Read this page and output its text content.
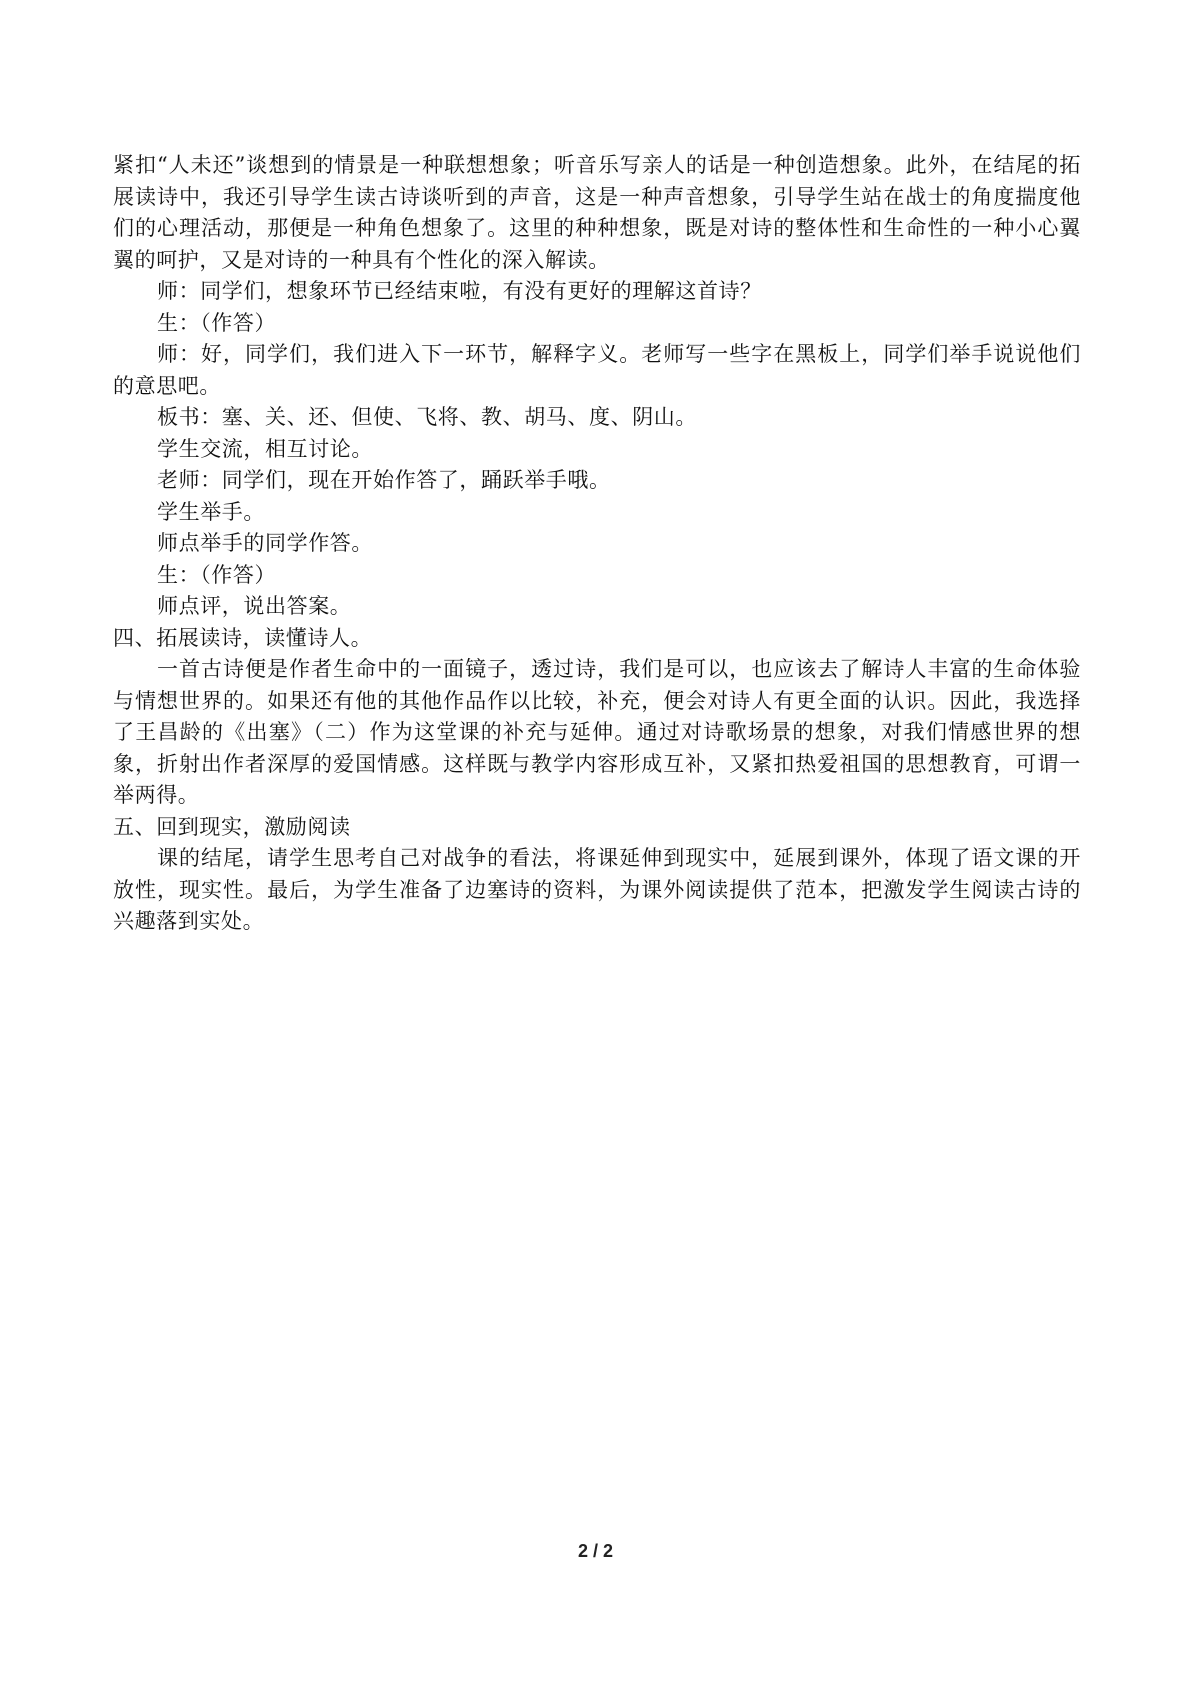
紧扣“人未还”谈想到的情景是一种联想想象；听音乐写亲人的话是一种创造想象。此外，在结尾的拓展读诗中，我还引导学生读古诗谈听到的声音，这是一种声音想象，引导学生站在战士的角度揣度他们的心理活动，那便是一种角色想象了。这里的种种想象，既是对诗的整体性和生命性的一种小心翼翼的呵护，又是对诗的一种具有个性化的深入解读。

师：同学们，想象环节已经结束啦，有没有更好的理解这首诗？

生：（作答）

师：好，同学们，我们进入下一环节，解释字义。老师写一些字在黑板上，同学们举手说说他们的意思吧。

板书：塞、关、还、但使、飞将、教、胡马、度、阴山。

学生交流，相互讨论。

老师：同学们，现在开始作答了，踊跃举手哦。

学生举手。

师点举手的同学作答。

生：（作答）

师点评，说出答案。

四、拓展读诗，读懂诗人。

一首古诗便是作者生命中的一面镜子，透过诗，我们是可以，也应该去了解诗人丰富的生命体验与情想世界的。如果还有他的其他作品作以比较，补充，便会对诗人有更全面的认识。因此，我选择了王昌龄的《出塞》（二）作为这堂课的补充与延伸。通过对诗歌场景的想象，对我们情感世界的想象，折射出作者深厚的爱国情感。这样既与教学内容形成互补，又紧扣热爱祖国的思想教育，可谓一举两得。

五、回到现实，激励阅读

课的结尾，请学生思考自己对战争的看法，将课延伸到现实中，延展到课外，体现了语文课的开放性，现实性。最后，为学生准备了边塞诗的资料，为课外阅读提供了范本，把激发学生阅读古诗的兴趣落到实处。

2 / 2
